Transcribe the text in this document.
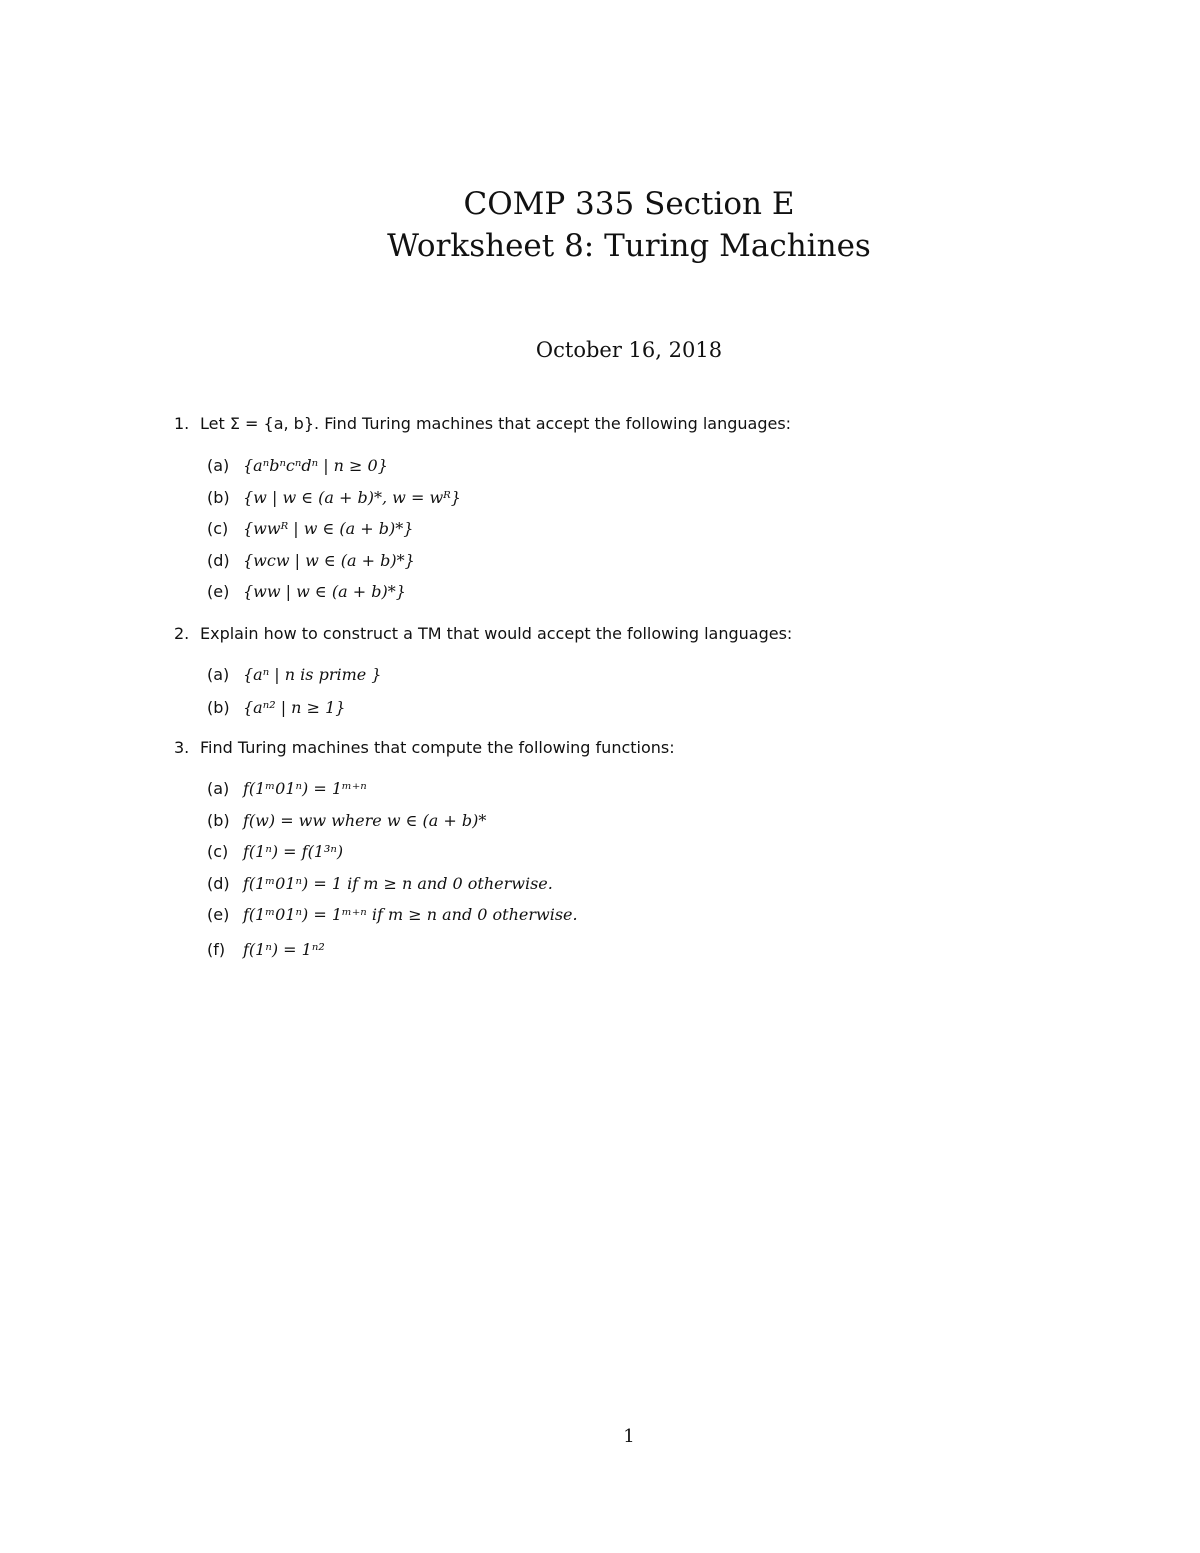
COMP 335 Section E
Worksheet 8: Turing Machines
October 16, 2018
1. Let Σ = {a, b}. Find Turing machines that accept the following languages:
(a) {aⁿbⁿcⁿdⁿ | n ≥ 0}
(b) {w | w ∈ (a + b)*, w = wᴿ}
(c) {wwᴿ | w ∈ (a + b)*}
(d) {wcw | w ∈ (a + b)*}
(e) {ww | w ∈ (a + b)*}
2. Explain how to construct a TM that would accept the following languages:
(a) {aⁿ | n is prime }
(b) {aⁿ² | n ≥ 1}
3. Find Turing machines that compute the following functions:
(a) f(1ᵐ01ⁿ) = 1ᵐ⁺ⁿ
(b) f(w) = ww where w ∈ (a + b)*
(c) f(1ⁿ) = f(1³ⁿ)
(d) f(1ᵐ01ⁿ) = 1 if m ≥ n and 0 otherwise.
(e) f(1ᵐ01ⁿ) = 1ᵐ⁺ⁿ if m ≥ n and 0 otherwise.
(f) f(1ⁿ) = 1ⁿ²
1
